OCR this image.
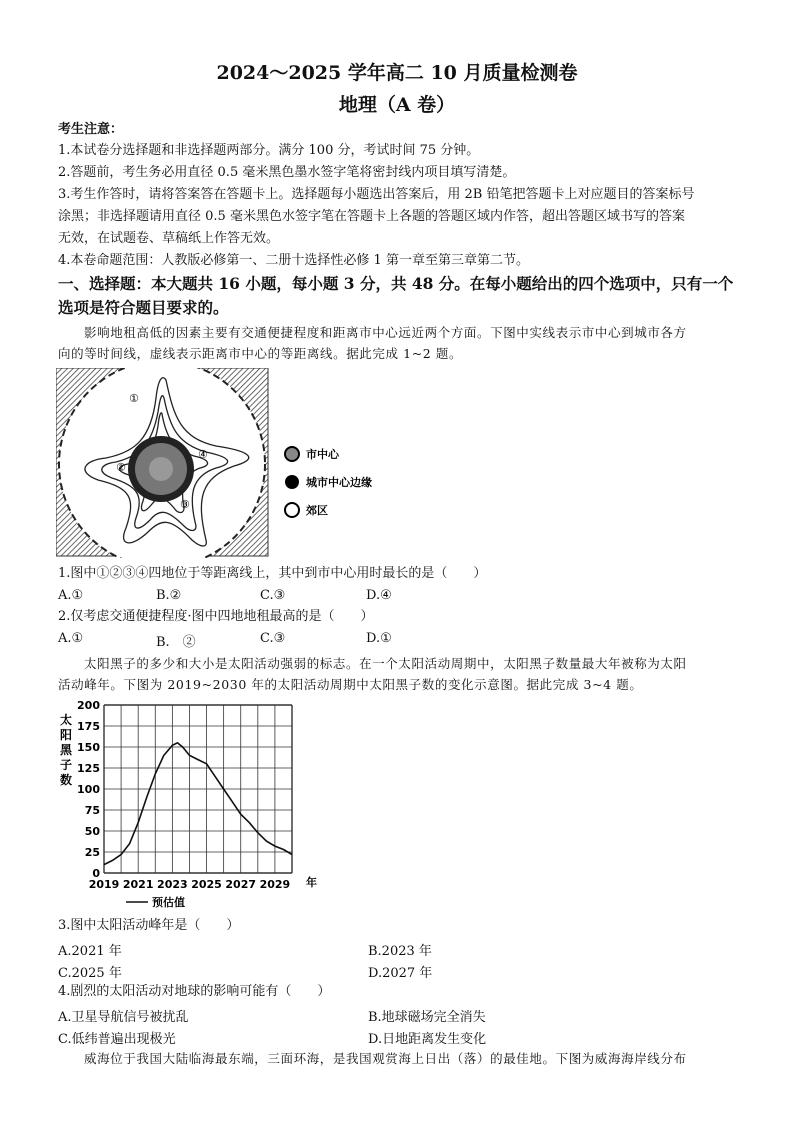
2024～2025 学年高二 10 月质量检测卷
地理（A 卷）
考生注意：
1.本试卷分选择题和非选择题两部分。满分 100 分，考试时间 75 分钟。
2.答题前，考生务必用直径 0.5 毫米黑色墨水签字笔将密封线内项目填写清楚。
3.考生作答时，请将答案答在答题卡上。选择题每小题选出答案后，用 2B 铅笔把答题卡上对应题目的答案标号
涂黑；非选择题请用直径 0.5 毫米黑色水签字笔在答题卡上各题的答题区域内作答，超出答题区域书写的答案
无效，在试题卷、草稿纸上作答无效。
4.本卷命题范围：人教版必修第一、二册十选择性必修 1 第一章至第三章第二节。
一、选择题：本大题共 16 小题，每小题 3 分，共 48 分。在每小题给出的四个选项中，只有一个
选项是符合题目要求的。
影响地租高低的因素主要有交通便捷程度和距离市中心远近两个方面。下图中实线表示市中心到城市各方
向的等时间线，虚线表示距离市中心的等距离线。据此完成 1~2 题。
①
②
③
④	市中心
城市中心边缘
郊区
1.图中①②③④四地位于等距离线上，其中到市中心用时最长的是（　　）
A.①	B.②	C.③	D.④
2.仅考虑交通便捷程度·图中四地地租最高的是（　　）
A.①	B.　②	C.③	D.①
太阳黑子的多少和大小是太阳活动强弱的标志。在一个太阳活动周期中，太阳黑子数量最大年被称为太阳
活动峰年。下图为 2019~2030 年的太阳活动周期中太阳黑子数的变化示意图。据此完成 3~4 题。
0
25
50
75
100
125
150
175
200
2019 2021 2023 2025 2027 2029
太阳黑子数
年
预估值
3.图中太阳活动峰年是（　　）
A.2021 年	B.2023 年
C.2025 年	D.2027 年
4.剧烈的太阳活动对地球的影响可能有（　　）
A.卫星导航信号被扰乱	B.地球磁场完全消失
C.低纬普遍出现极光	D.日地距离发生变化
威海位于我国大陆临海最东端，三面环海，是我国观赏海上日出（落）的最佳地。下图为威海海岸线分布
